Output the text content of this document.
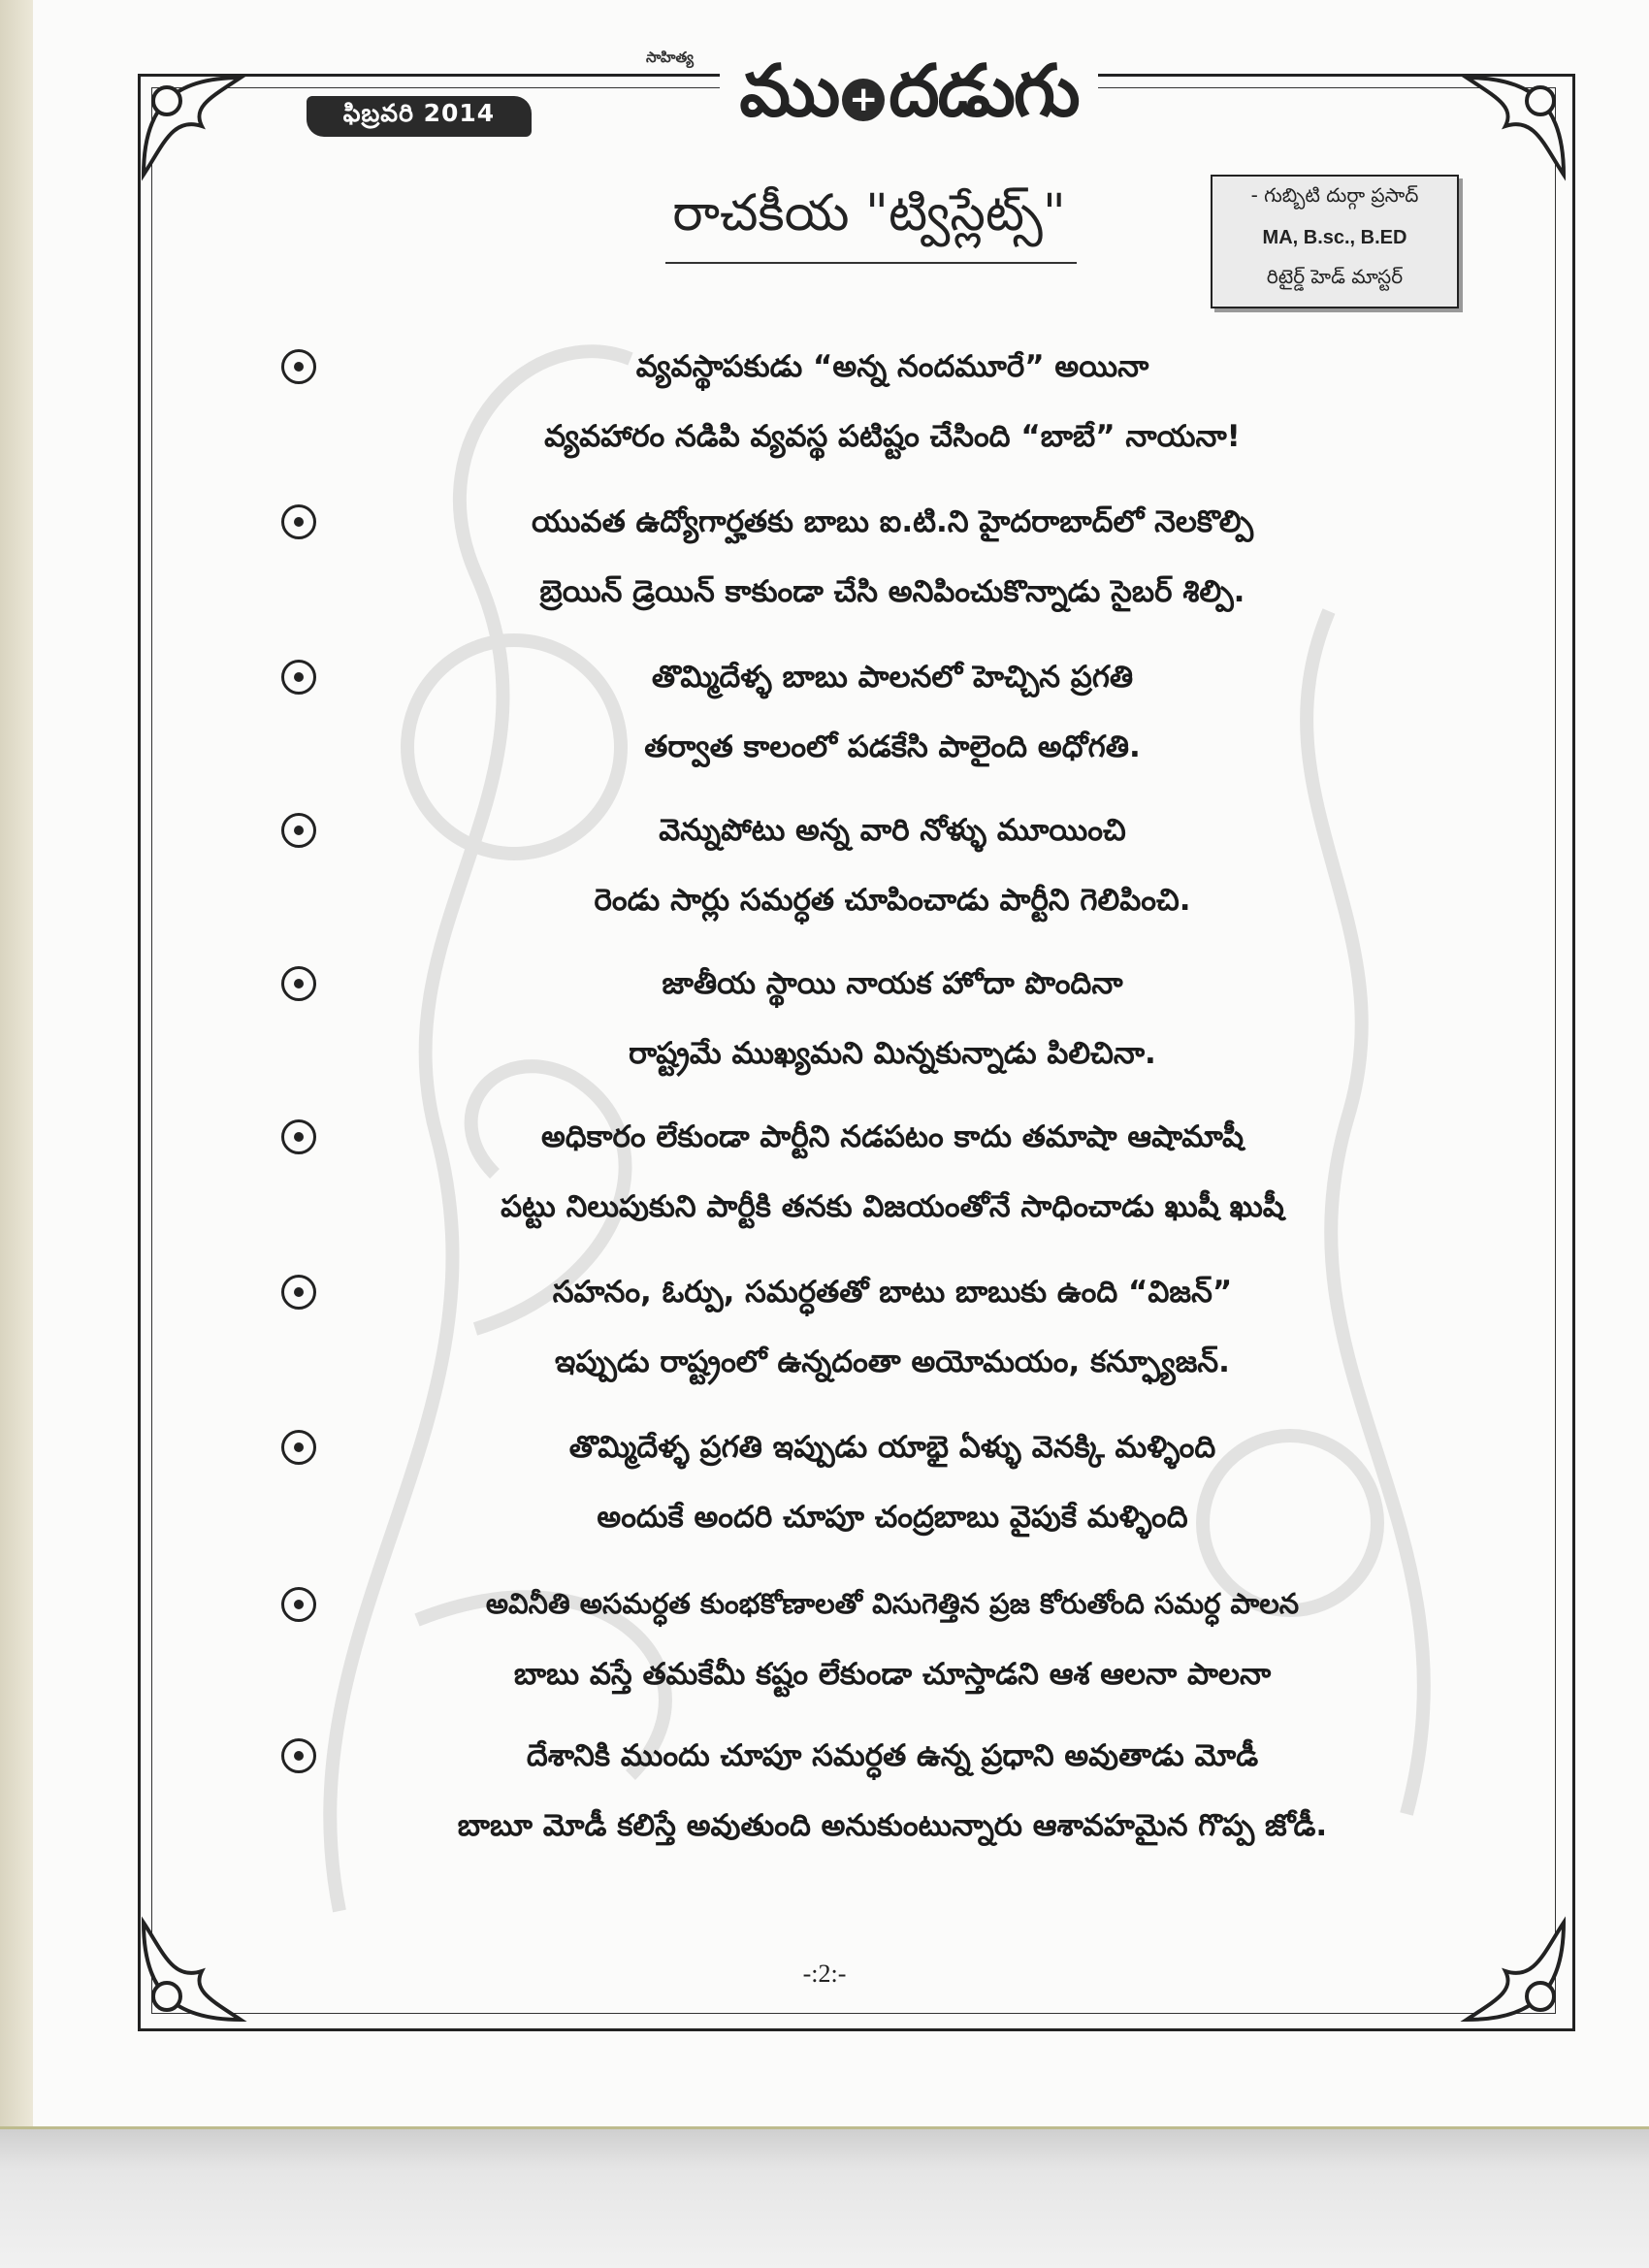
ఫిబ్రవరి 2014
సాహిత్య ము + దడుగు
రాచకీయ "ట్విస్లేట్స్"	- గుబ్బిటి దుర్గా ప్రసాద్
MA, B.sc., B.ED
రిటైర్డ్ హెడ్ మాస్టర్
వ్యవస్థాపకుడు “అన్న నందమూరే” అయినా
వ్యవహారం నడిపి వ్యవస్థ పటిష్టం చేసింది “బాబే” నాయనా!
యువత ఉద్యోగార్హతకు బాబు ఐ.టి.ని హైదరాబాద్‌లో నెలకొల్పి
బ్రెయిన్ డ్రెయిన్ కాకుండా చేసి అనిపించుకొన్నాడు సైబర్ శిల్పి.
తొమ్మిదేళ్ళ బాబు పాలనలో హెచ్చిన ప్రగతి
తర్వాత కాలంలో పడకేసి పాలైంది అధోగతి.
వెన్నుపోటు అన్న వారి నోళ్ళు మూయించి
రెండు సార్లు సమర్ధత చూపించాడు పార్టీని గెలిపించి.
జాతీయ స్థాయి నాయక హోదా పొందినా
రాష్ట్రమే ముఖ్యమని మిన్నకున్నాడు పిలిచినా.
అధికారం లేకుండా పార్టీని నడపటం కాదు తమాషా ఆషామాషీ
పట్టు నిలుపుకుని పార్టీకి తనకు విజయంతోనే సాధించాడు ఖుషీ ఖుషీ
సహనం, ఓర్పు, సమర్ధతతో బాటు బాబుకు ఉంది “విజన్”
ఇప్పుడు రాష్ట్రంలో ఉన్నదంతా అయోమయం, కన్ఫ్యూజన్.
తొమ్మిదేళ్ళ ప్రగతి ఇప్పుడు యాభై ఏళ్ళు వెనక్కి మళ్ళింది
అందుకే అందరి చూపూ చంద్రబాబు వైపుకే మళ్ళింది
అవినీతి అసమర్ధత కుంభకోణాలతో విసుగెత్తిన ప్రజ కోరుతోంది సమర్ధ పాలన
బాబు వస్తే తమకేమీ కష్టం లేకుండా చూస్తాడని ఆశ ఆలనా పాలనా
దేశానికి ముందు చూపూ సమర్ధత ఉన్న ప్రధాని అవుతాడు మోడీ
బాబూ మోడీ కలిస్తే అవుతుంది అనుకుంటున్నారు ఆశావహమైన గొప్ప జోడీ.
-:2:-
